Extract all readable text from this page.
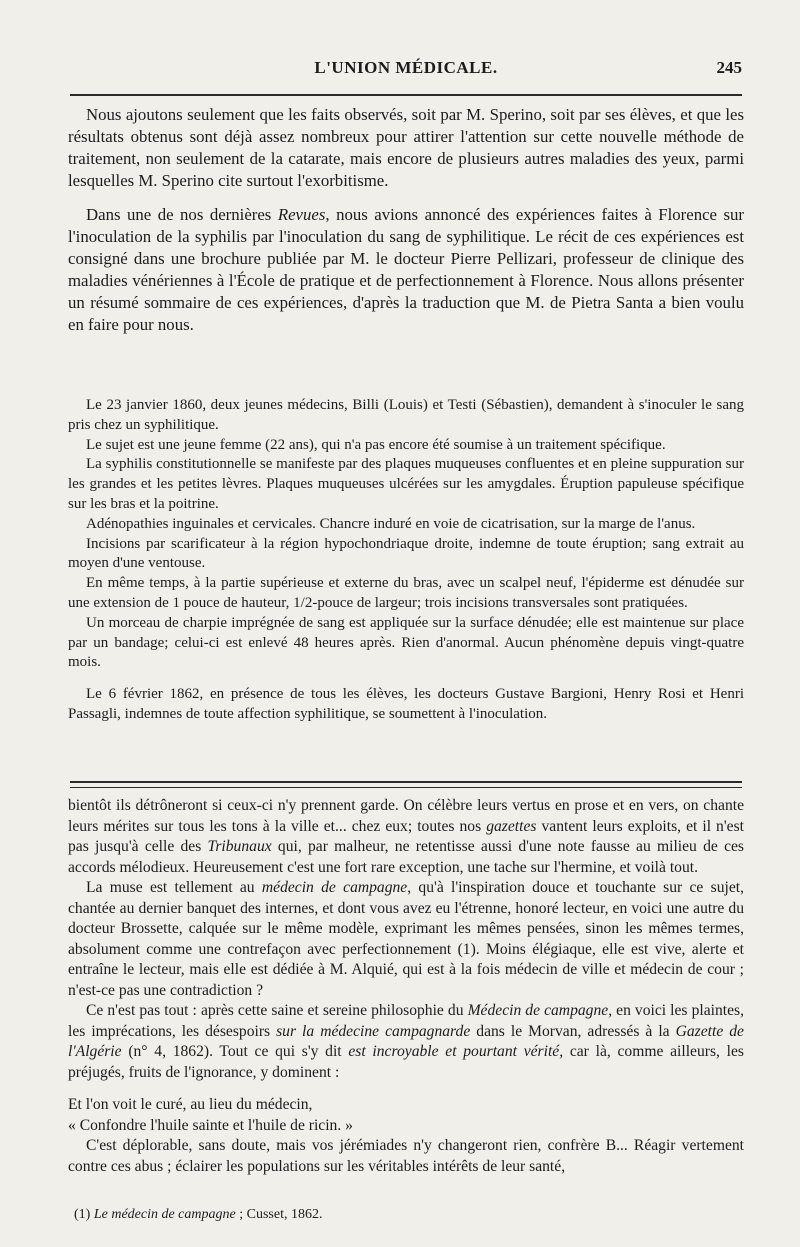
L'UNION MÉDICALE.	245

Nous ajoutons seulement que les faits observés, soit par M. Sperino, soit par ses élèves, et que les résultats obtenus sont déjà assez nombreux pour attirer l'attention sur cette nouvelle méthode de traitement, non seulement de la catarate, mais encore de plusieurs autres maladies des yeux, parmi lesquelles M. Sperino cite surtout l'exorbitisme.

Dans une de nos dernières Revues, nous avions annoncé des expériences faites à Florence sur l'inoculation de la syphilis par l'inoculation du sang de syphilitique. Le récit de ces expériences est consigné dans une brochure publiée par M. le docteur Pierre Pellizari, professeur de clinique des maladies vénériennes à l'École de pratique et de perfectionnement à Florence. Nous allons présenter un résumé sommaire de ces expériences, d'après la traduction que M. de Pietra Santa a bien voulu en faire pour nous.

Le 23 janvier 1860, deux jeunes médecins, Billi (Louis) et Testi (Sébastien), demandent à s'inoculer le sang pris chez un syphilitique.

Le sujet est une jeune femme (22 ans), qui n'a pas encore été soumise à un traitement spécifique.

La syphilis constitutionnelle se manifeste par des plaques muqueuses confluentes et en pleine suppuration sur les grandes et les petites lèvres. Plaques muqueuses ulcérées sur les amygdales. Éruption papuleuse spécifique sur les bras et la poitrine.

Adénopathies inguinales et cervicales. Chancre induré en voie de cicatrisation, sur la marge de l'anus.

Incisions par scarificateur à la région hypochondriaque droite, indemne de toute éruption; sang extrait au moyen d'une ventouse.

En même temps, à la partie supérieuse et externe du bras, avec un scalpel neuf, l'épiderme est dénudée sur une extension de 1 pouce de hauteur, 1/2-pouce de largeur; trois incisions transversales sont pratiquées.

Un morceau de charpie imprégnée de sang est appliquée sur la surface dénudée; elle est maintenue sur place par un bandage; celui-ci est enlevé 48 heures après. Rien d'anormal. Aucun phénomène depuis vingt-quatre mois.

Le 6 février 1862, en présence de tous les élèves, les docteurs Gustave Bargioni, Henry Rosi et Henri Passagli, indemnes de toute affection syphilitique, se soumettent à l'inoculation.

bientôt ils détrôneront si ceux-ci n'y prennent garde. On célèbre leurs vertus en prose et en vers, on chante leurs mérites sur tous les tons à la ville et... chez eux; toutes nos gazettes vantent leurs exploits, et il n'est pas jusqu'à celle des Tribunaux qui, par malheur, ne retentisse aussi d'une note fausse au milieu de ces accords mélodieux. Heureusement c'est une fort rare exception, une tache sur l'hermine, et voilà tout.

La muse est tellement au médecin de campagne, qu'à l'inspiration douce et touchante sur ce sujet, chantée au dernier banquet des internes, et dont vous avez eu l'étrenne, honoré lecteur, en voici une autre du docteur Brossette, calquée sur le même modèle, exprimant les mêmes pensées, sinon les mêmes termes, absolument comme une contrefaçon avec perfectionnement (1). Moins élégiaque, elle est vive, alerte et entraîne le lecteur, mais elle est dédiée à M. Alquié, qui est à la fois médecin de ville et médecin de cour ; n'est-ce pas une contradiction ?

Ce n'est pas tout : après cette saine et sereine philosophie du Médecin de campagne, en voici les plaintes, les imprécations, les désespoirs sur la médecine campagnarde dans le Morvan, adressés à la Gazette de l'Algérie (n° 4, 1862). Tout ce qui s'y dit est incroyable et pourtant vérité, car là, comme ailleurs, les préjugés, fruits de l'ignorance, y dominent :

Et l'on voit le curé, au lieu du médecin,
« Confondre l'huile sainte et l'huile de ricin. »

C'est déplorable, sans doute, mais vos jérémiades n'y changeront rien, confrère B... Réagir vertement contre ces abus ; éclairer les populations sur les véritables intérêts de leur santé,

(1) Le médecin de campagne ; Cusset, 1862.
